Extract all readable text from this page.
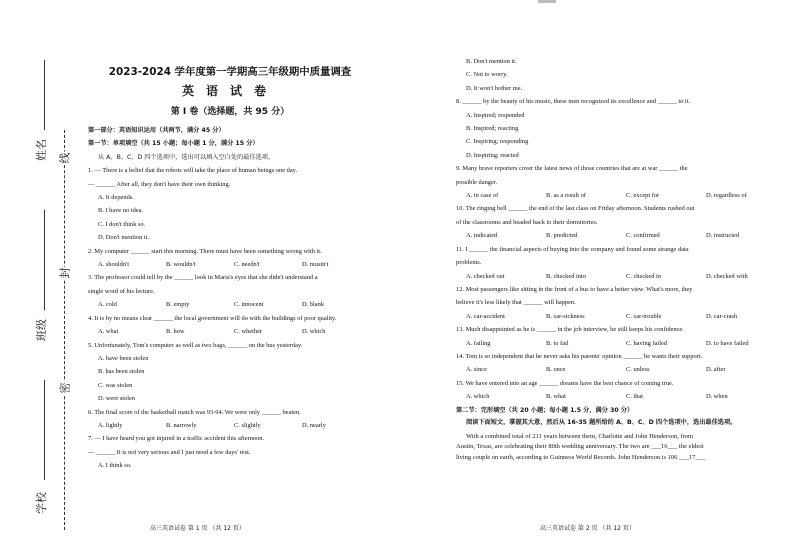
姓名
班级
学校
线
封
密
2023-2024 学年度第一学期高三年级期中质量调查
英语试卷
第 I 卷（选择题，共 95 分）
第一部分：英语知识运用（共两节，满分 45 分）
第一节：单项填空（共 15 小题；每小题 1 分，满分 15 分）
从 A、B、C、D 四个选项中，选出可以填入空白处的最佳选项。
1. — There is a belief that the robots will take the place of human beings one day.
— ______ After all, they don't have their own thinking.
A. It depends.
B. I have no idea.
C. I don't think so.
D. Don't mention it.
2. My computer ______ start this morning. There must have been something wrong with it.
A. shouldn't	B. wouldn't	C. needn't	D. mustn't
3. The professor could tell by the ______ look in Maria's eyes that she didn't understand a
single word of his lecture.
A. cold	B. empty	C. innocent	D. blank
4. It is by no means clear ______ the local government will do with the buildings of poor quality.
A. what	B. how	C. whether	D. which
5. Unfortunately, Tom's computer as well as two bags, ______ on the bus yesterday.
A. have been stolen
B. has been stolen
C. was stolen
D. were stolen
6. The final score of the basketball match was 93-94. We were only ______ beaten.
A. lightly	B. narrowly	C. slightly	D. nearly
7. — I have heard you got injured in a traffic accident this afternoon.
— ______ It is not very serious and I just need a few days' rest.
A. I think so.
B. Don't mention it.
C. Not to worry.
D. It won't bother me.
8. ______ by the beauty of his music, these men recognized its excellence and ______ to it.
A. Inspired; responded
B. Inspired; reacting
C. Inspiring; responding
D. Inspiring; reacted
9. Many brave reporters cover the latest news of those countries that are at war ______ the
possible danger.
A. in case of	B. as a result of	C. except for	D. regardless of
10. The ringing bell ______ the end of the last class on Friday afternoon. Students rushed out
of the classrooms and headed back to their dormitories.
A. indicated	B. predicted	C. confirmed	D. instructed
11. I ______ the financial aspects of buying into the company and found some strange data
problems.
A. checked out	B. checked into	C. checked in	D. checked with
12. Most passengers like sitting in the front of a bus to have a better view. What's more, they
believe it's less likely that ______ will happen.
A. car-accident	B. car-sickness	C. car-trouble	D. car-crash
13. Much disappointed as he is ______ in the job interview, he still keeps his confidence.
A. failing	B. to fail	C. having failed	D. to have failed
14. Tom is so independent that he never asks his parents' opinion ______ he wants their support.
A. since	B. once	C. unless	D. after
15. We have entered into an age ______ dreams have the best chance of coming true.
A. which	B. what	C. that	D. when
第二节：完形填空（共 20 小题；每小题 1.5 分，满分 30 分）
阅读下面短文，掌握其大意，然后从 16-35 题所给的 A、B、C、D 四个选项中，选出最佳选项。
With a combined total of 211 years between them, Charlotte and John Henderson, from
Austin, Texas, are celebrating their 80th wedding anniversary. The two are ___16___ the eldest
living couple on earth, according to Guinness World Records. John Henderson is 106 ___17___
高三英语试卷 第 1 页 （共 12 页）	高三英语试卷 第 2 页 （共 12 页）
